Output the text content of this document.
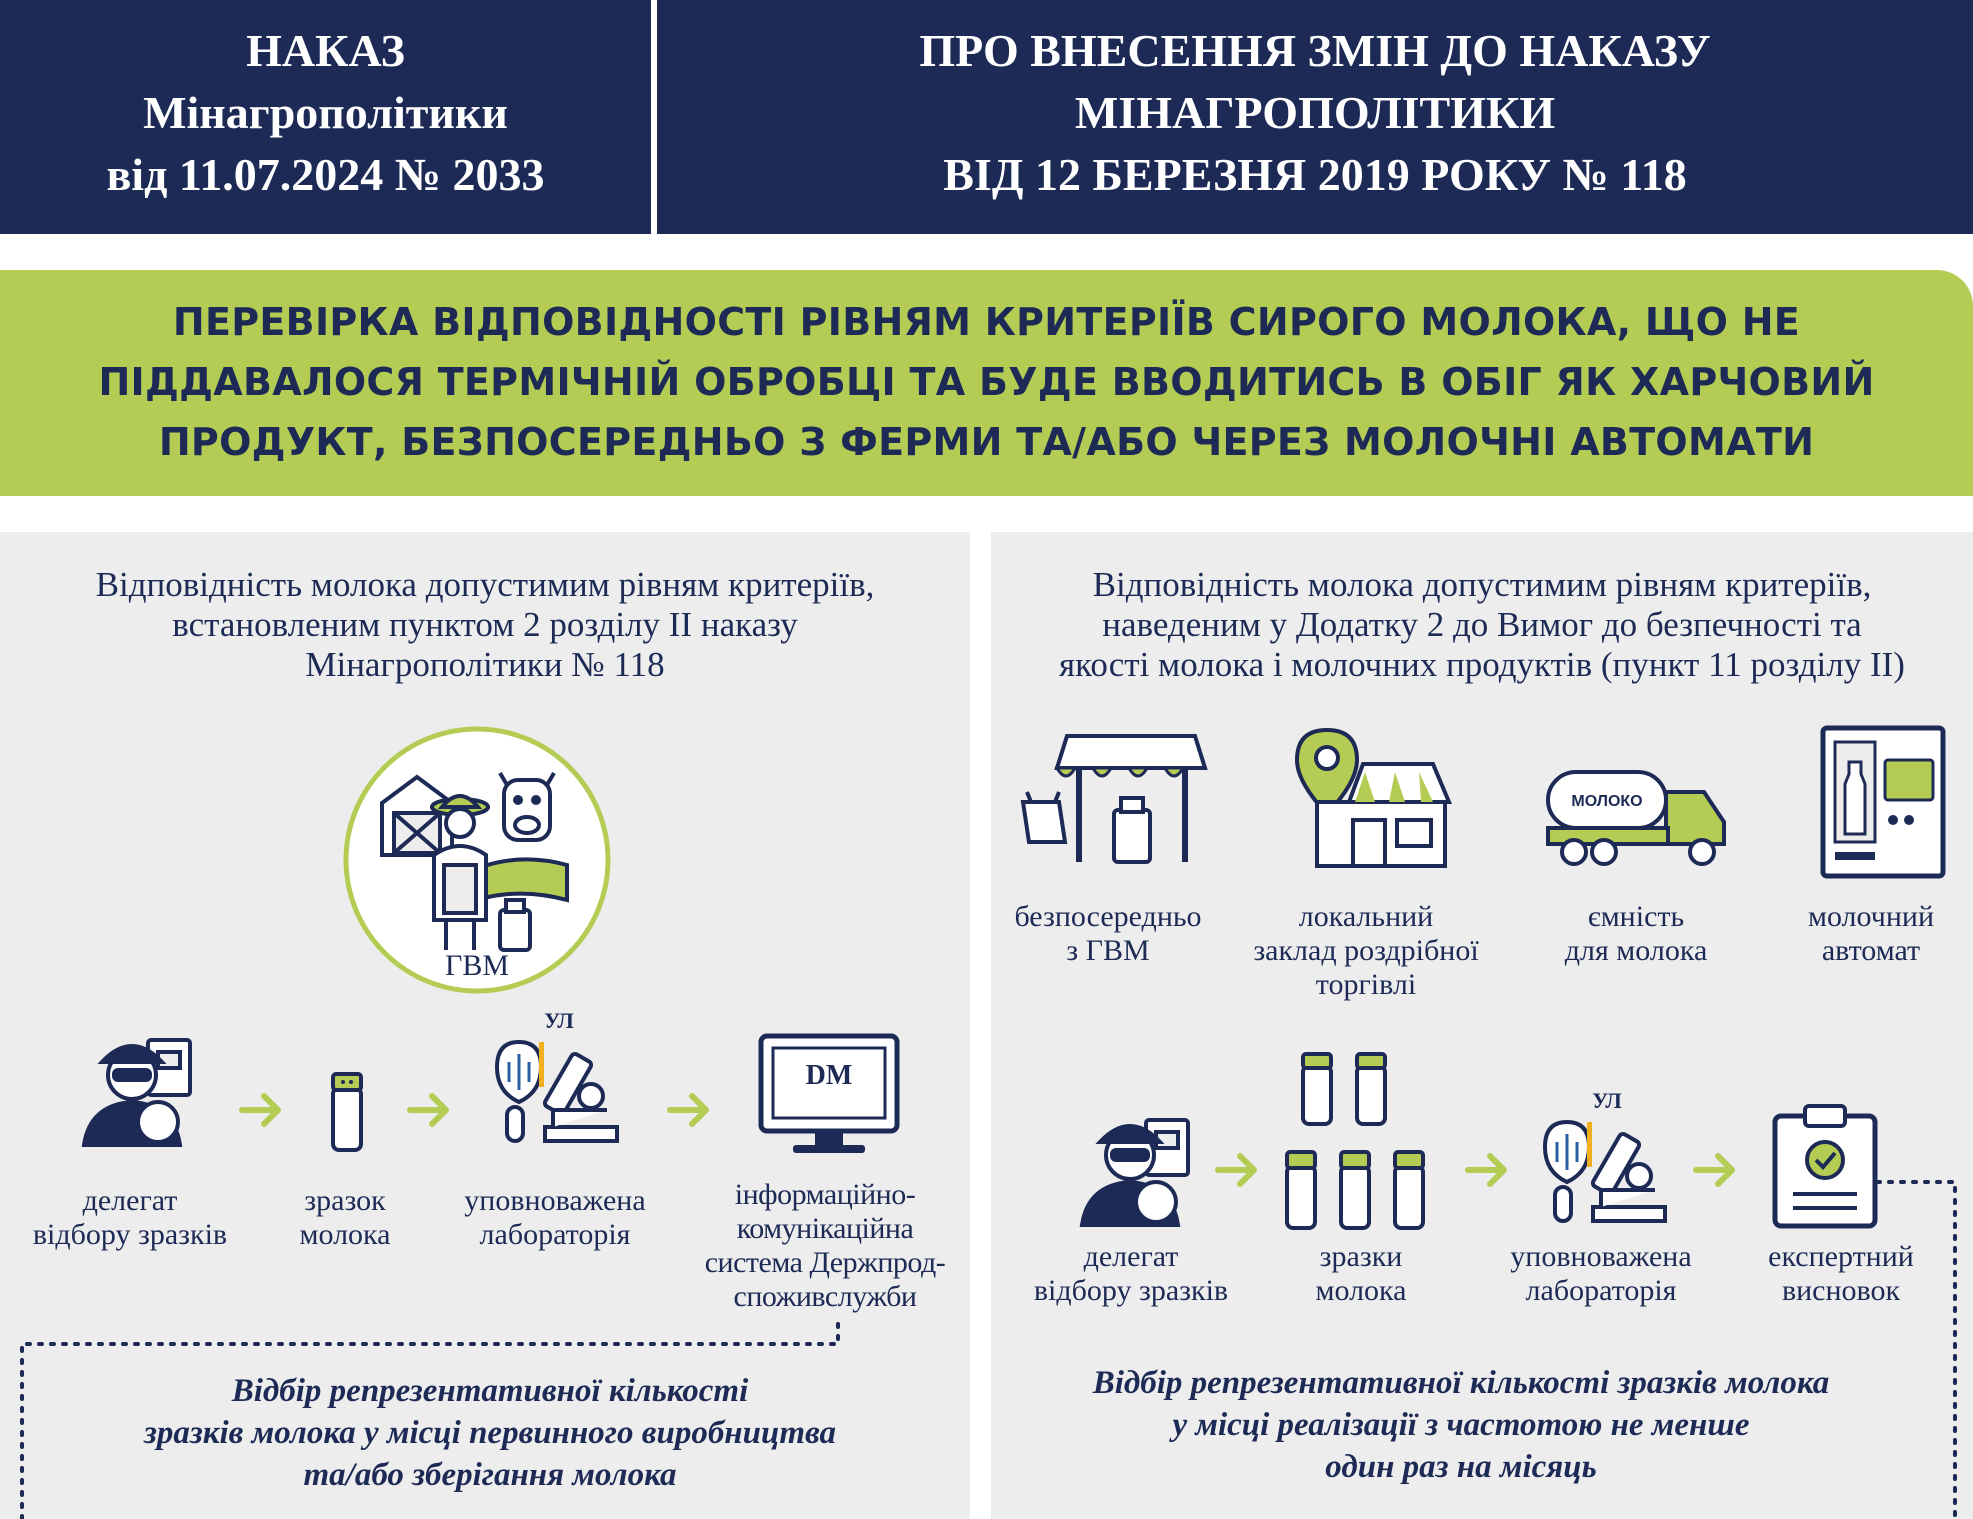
НАКАЗ
Мінагрополітики
від 11.07.2024 № 2033
ПРО ВНЕСЕННЯ ЗМІН ДО НАКАЗУ
МІНАГРОПОЛІТИКИ
ВІД 12 БЕРЕЗНЯ 2019 РОКУ № 118
ПЕРЕВІРКА ВІДПОВІДНОСТІ РІВНЯМ КРИТЕРІЇВ СИРОГО МОЛОКА, ЩО НЕ
ПІДДАВАЛОСЯ ТЕРМІЧНІЙ ОБРОБЦІ ТА БУДЕ ВВОДИТИСЬ В ОБІГ ЯК ХАРЧОВИЙ
ПРОДУКТ, БЕЗПОСЕРЕДНЬО З ФЕРМИ ТА/АБО ЧЕРЕЗ МОЛОЧНІ АВТОМАТИ
Відповідність молока допустимим рівням критеріїв,
встановленим пунктом 2 розділу II наказу
Мінагрополітики № 118
ГВМ
УЛ
DM
делегат
відбору зразків
зразок
молока
уповноважена
лабораторія
інформаційно-
комунікаційна
система Держпрод-
споживслужби
Відбір репрезентативної кількості
зразків молока у місці первинного виробництва
та/або зберігання молока
Відповідність молока допустимим рівням критеріїв,
наведеним у Додатку 2 до Вимог до безпечності та
якості молока і молочних продуктів (пункт 11 розділу II)
МОЛОКО
безпосередньо
з ГВМ
локальний
заклад роздрібної
торгівлі
ємність
для молока
молочний
автомат
УЛ
делегат
відбору зразків
зразки
молока
уповноважена
лабораторія
експертний
висновок
Відбір репрезентативної кількості зразків молока
у місці реалізації з частотою не менше
один раз на місяць
